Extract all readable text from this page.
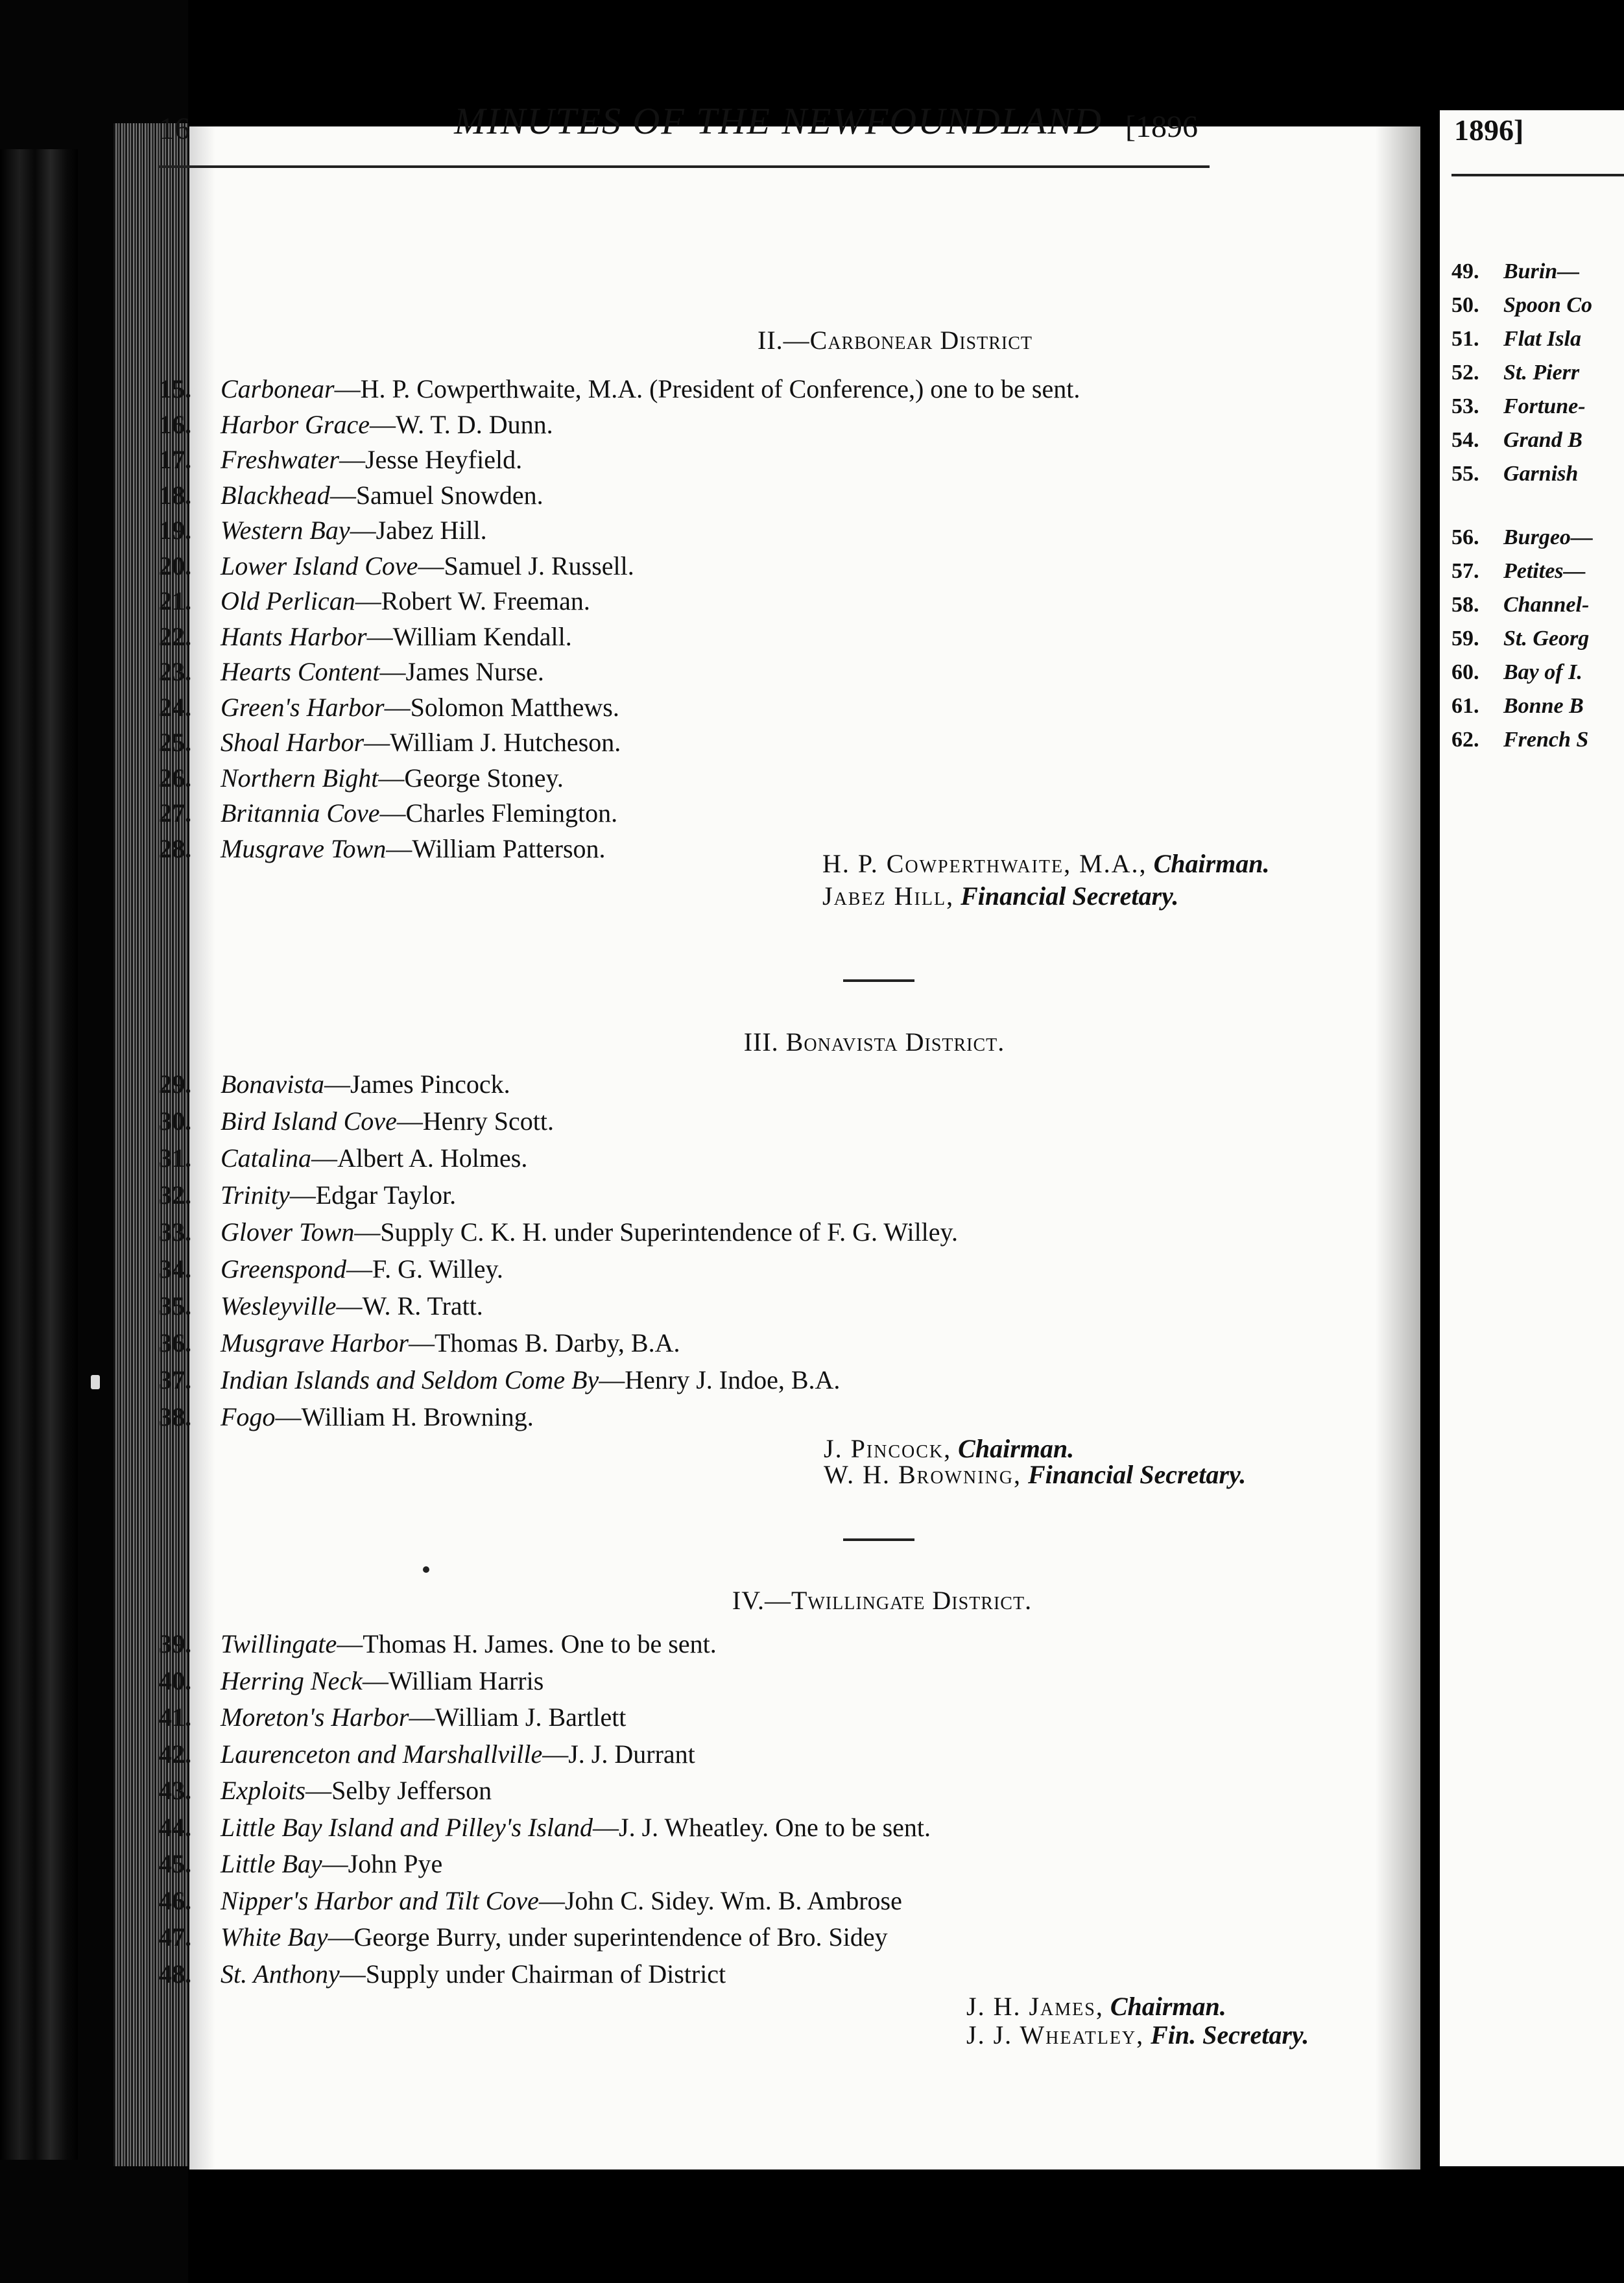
16	MINUTES OF THE NEWFOUNDLAND [1896
II.—Carbonear District
15. Carbonear—H. P. Cowperthwaite, M.A. (President of Conference,) one to be sent.
16. Harbor Grace—W. T. D. Dunn.
17. Freshwater—Jesse Heyfield.
18. Blackhead—Samuel Snowden.
19. Western Bay—Jabez Hill.
20. Lower Island Cove—Samuel J. Russell.
21. Old Perlican—Robert W. Freeman.
22. Hants Harbor—William Kendall.
23. Hearts Content—James Nurse.
24. Green's Harbor—Solomon Matthews.
25. Shoal Harbor—William J. Hutcheson.
26. Northern Bight—George Stoney.
27. Britannia Cove—Charles Flemington.
28. Musgrave Town—William Patterson.
H. P. Cowperthwaite, M.A., Chairman.
Jabez Hill, Financial Secretary.
III. Bonavista District.
29. Bonavista—James Pincock.
30. Bird Island Cove—Henry Scott.
31. Catalina—Albert A. Holmes.
32. Trinity—Edgar Taylor.
33. Glover Town—Supply C. K. H. under Superintendence of F. G. Willey.
34. Greenspond—F. G. Willey.
35. Wesleyville—W. R. Tratt.
36. Musgrave Harbor—Thomas B. Darby, B.A.
37. Indian Islands and Seldom Come By—Henry J. Indoe, B.A.
38. Fogo—William H. Browning.
J. Pincock, Chairman.
W. H. Browning, Financial Secretary.
IV.—Twillingate District.
39. Twillingate—Thomas H. James. One to be sent.
40. Herring Neck—William Harris
41. Moreton's Harbor—William J. Bartlett
42. Laurenceton and Marshallville—J. J. Durrant
43. Exploits—Selby Jefferson
44. Little Bay Island and Pilley's Island—J. J. Wheatley. One to be sent.
45. Little Bay—John Pye
46. Nipper's Harbor and Tilt Cove—John C. Sidey. Wm. B. Ambrose
47. White Bay—George Burry, under superintendence of Bro. Sidey
48. St. Anthony—Supply under Chairman of District
J. H. James, Chairman.
J. J. Wheatley, Fin. Secretary.
1896]
49. Burin—
50. Spoon Co
51. Flat Isla
52. St. Pierr
53. Fortune-
54. Grand B
55. Garnish
56. Burgeo—
57. Petites—
58. Channel-
59. St. Georg
60. Bay of I.
61. Bonne B
62. French S
